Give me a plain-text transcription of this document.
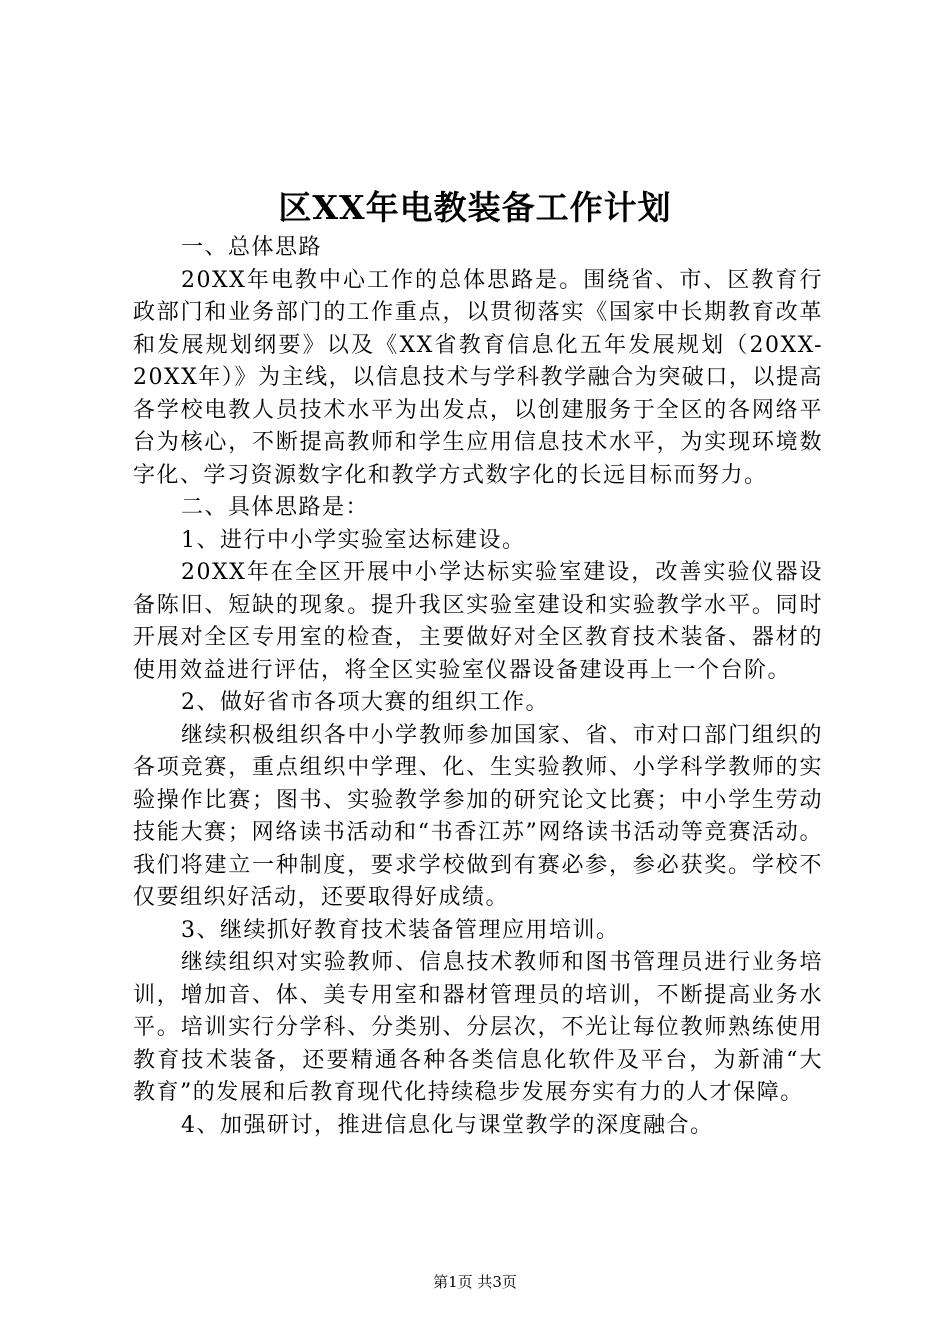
区XX年电教装备工作计划

一、总体思路

20XX年电教中心工作的总体思路是。围绕省、市、区教育行政部门和业务部门的工作重点，以贯彻落实《国家中长期教育改革和发展规划纲要》以及《XX省教育信息化五年发展规划（20XX-20XX年）》为主线，以信息技术与学科教学融合为突破口，以提高各学校电教人员技术水平为出发点，以创建服务于全区的各网络平台为核心，不断提高教师和学生应用信息技术水平，为实现环境数字化、学习资源数字化和教学方式数字化的长远目标而努力。

二、具体思路是：

1、进行中小学实验室达标建设。

20XX年在全区开展中小学达标实验室建设，改善实验仪器设备陈旧、短缺的现象。提升我区实验室建设和实验教学水平。同时开展对全区专用室的检查，主要做好对全区教育技术装备、器材的使用效益进行评估，将全区实验室仪器设备建设再上一个台阶。

2、做好省市各项大赛的组织工作。

继续积极组织各中小学教师参加国家、省、市对口部门组织的各项竞赛，重点组织中学理、化、生实验教师、小学科学教师的实验操作比赛；图书、实验教学参加的研究论文比赛；中小学生劳动技能大赛；网络读书活动和“书香江苏”网络读书活动等竞赛活动。我们将建立一种制度，要求学校做到有赛必参，参必获奖。学校不仅要组织好活动，还要取得好成绩。

3、继续抓好教育技术装备管理应用培训。

继续组织对实验教师、信息技术教师和图书管理员进行业务培训，增加音、体、美专用室和器材管理员的培训，不断提高业务水平。培训实行分学科、分类别、分层次，不光让每位教师熟练使用教育技术装备，还要精通各种各类信息化软件及平台，为新浦“大教育”的发展和后教育现代化持续稳步发展夯实有力的人才保障。

4、加强研讨，推进信息化与课堂教学的深度融合。

第1页 共3页
